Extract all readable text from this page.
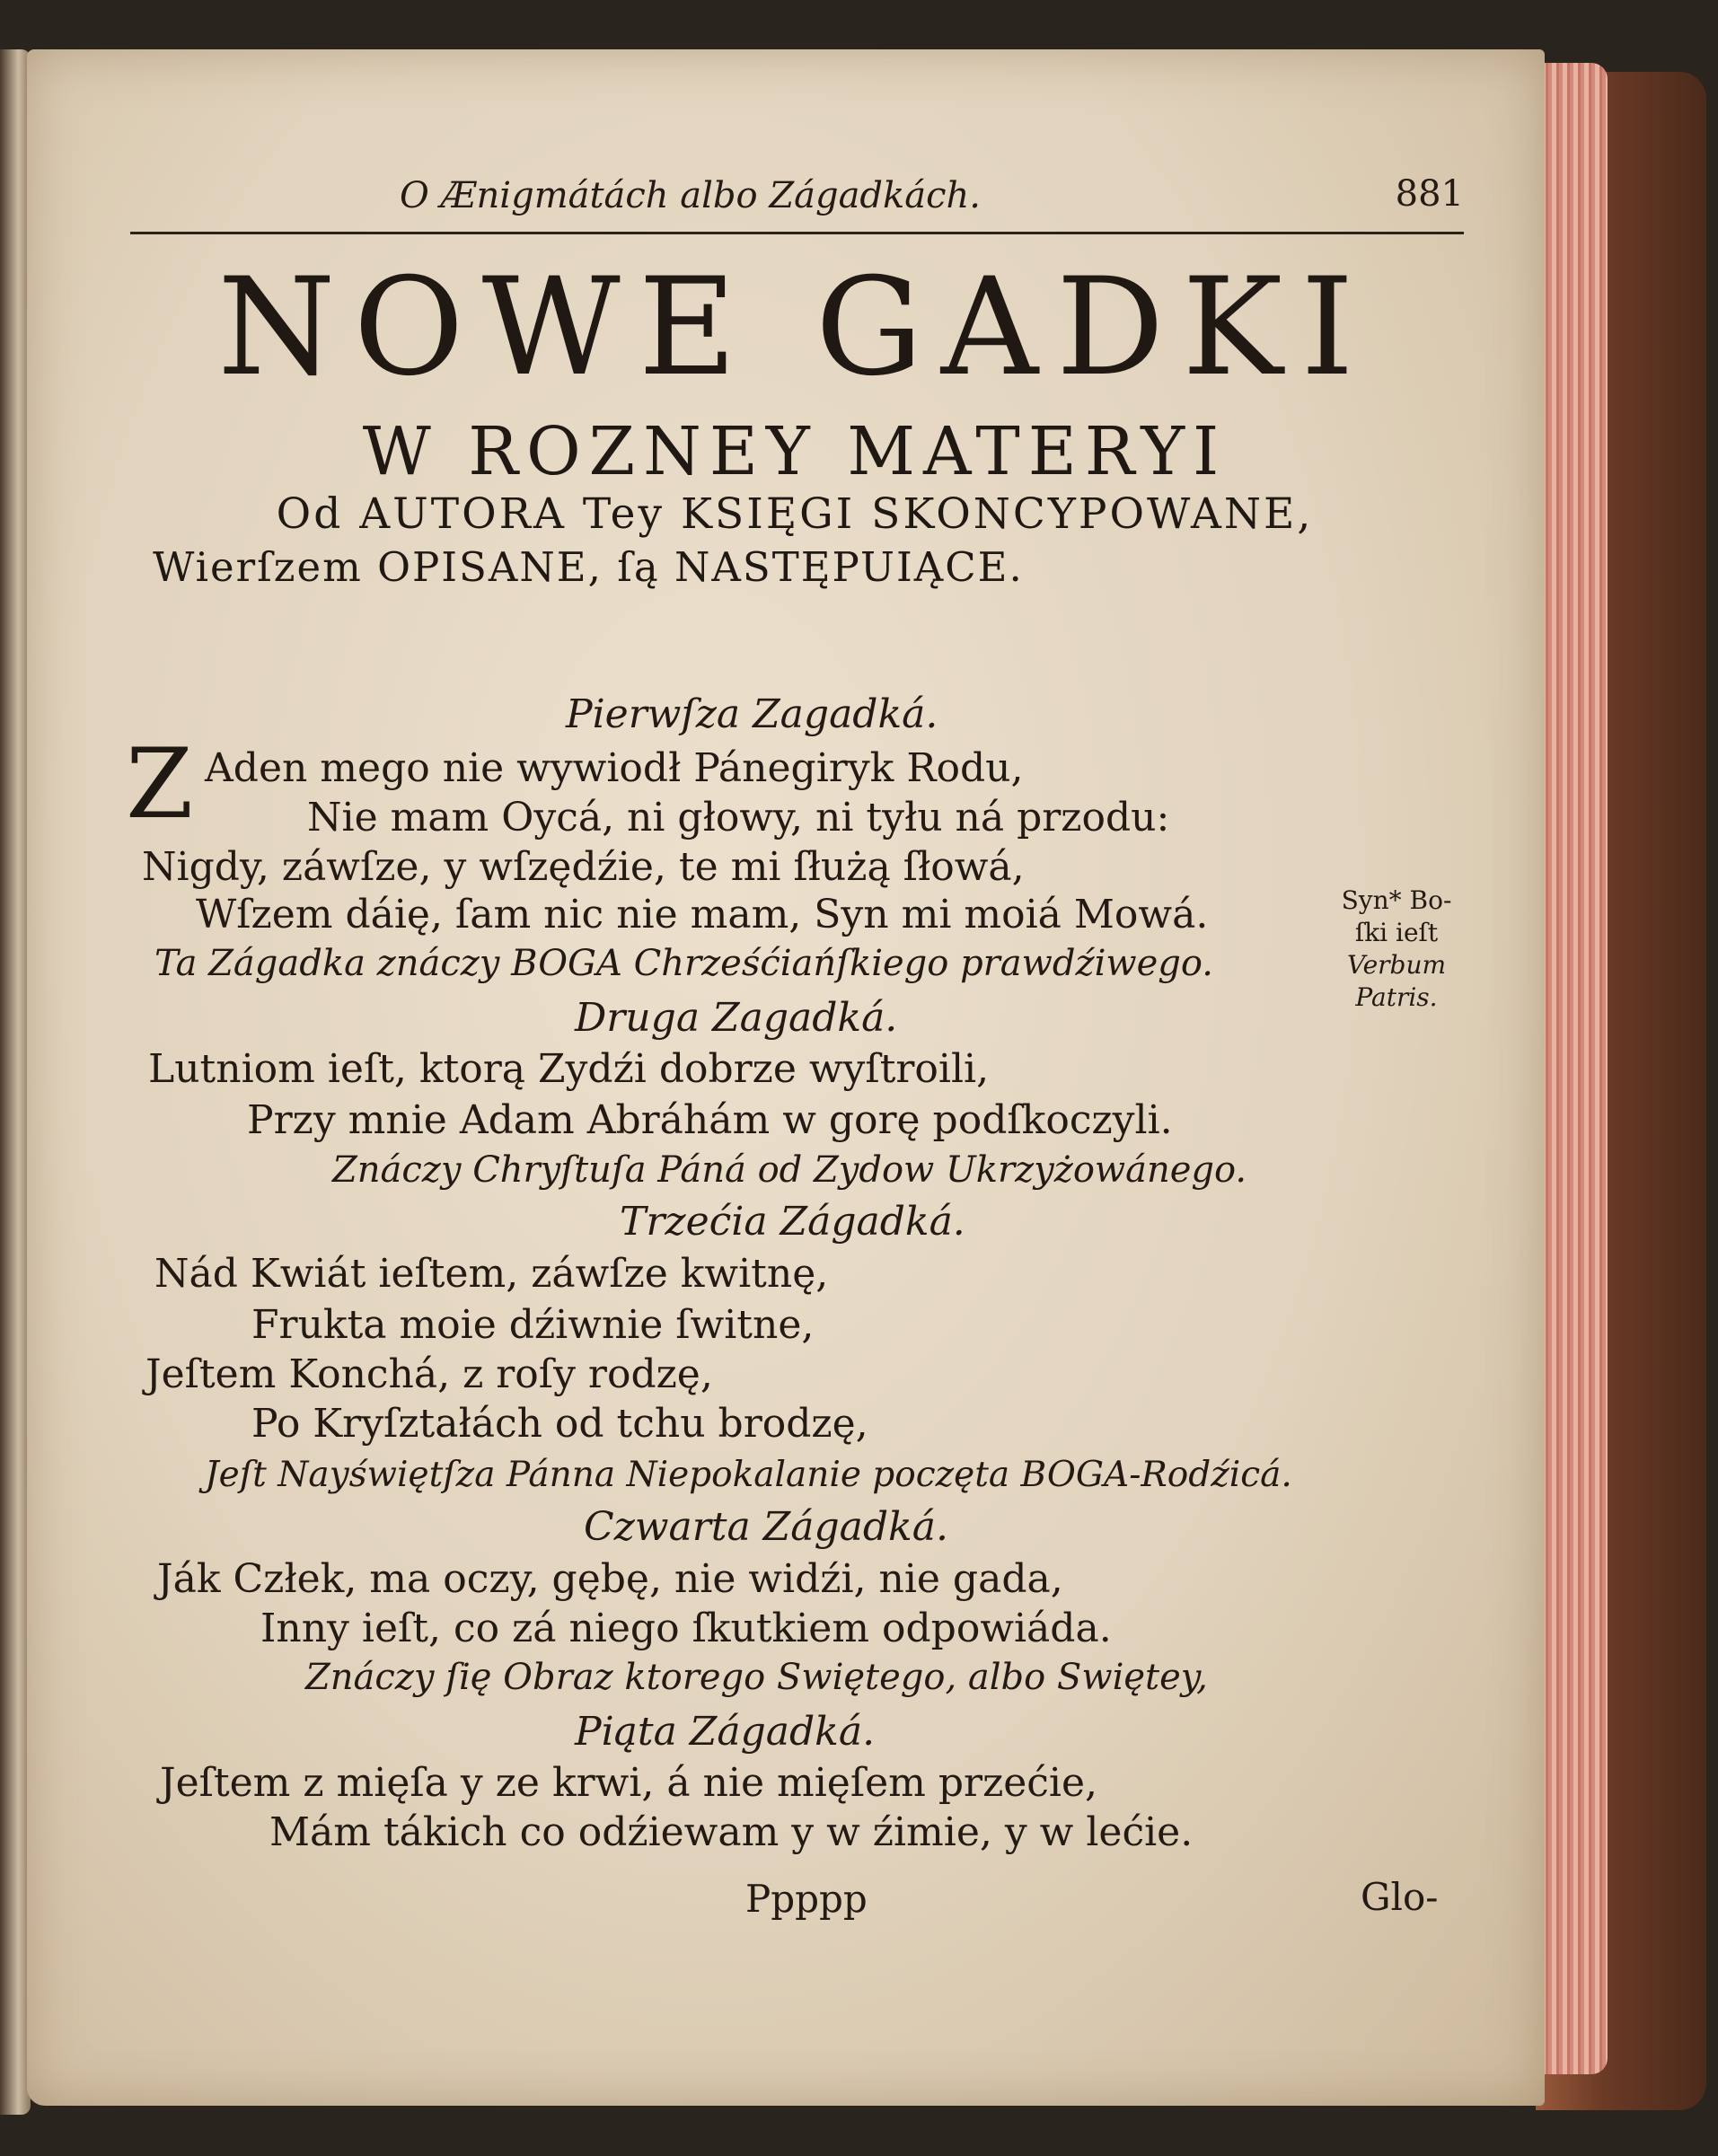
O Ænigmátách albo Zágadkách.	881
NOWE GADKI
W ROZNEY MATERYI
Od AUTORA Tey KSIĘGI SKONCYPOWANE,
Wierſzem OPISANE, ſą NASTĘPUIĄCE.
Pierwſza Zagadká.
Z Aden mego nie wywiodł Pánegiryk Rodu,
Nie mam Oycá, ni głowy, ni tyłu ná przodu:
Nigdy, záwſze, y wſzędźie, te mi ſłużą ſłowá,
Wſzem dáię, ſam nic nie mam, Syn mi moiá Mowá.
Ta Zágadka znáczy BOGA Chrześćiańſkiego prawdźiwego.
Syn* Bo-
ſki ieſt
Verbum
Patris.
Druga Zagadká.
Lutniom ieſt, ktorą Zydźi dobrze wyſtroili,
Przy mnie Adam Abráhám w gorę podſkoczyli.
Znáczy Chryſtuſa Páná od Zydow Ukrzyżowánego.
Trzećia Zágadká.
Nád Kwiát ieſtem, záwſze kwitnę,
Frukta moie dźiwnie ſwitne,
Jeſtem Konchá, z roſy rodzę,
Po Kryſztałách od tchu brodzę,
Jeſt Nayświętſza Pánna Niepokalanie poczęta BOGA-Rodźicá.
Czwarta Zágadká.
Ják Człek, ma oczy, gębę, nie widźi, nie gada,
Inny ieſt, co zá niego ſkutkiem odpowiáda.
Znáczy ſię Obraz ktorego Swiętego, albo Swiętey,
Piąta Zágadká.
Jeſtem z mięſa y ze krwi, á nie mięſem przećie,
Mám tákich co odźiewam y w źimie, y w lećie.
Ppppp	Glo-
